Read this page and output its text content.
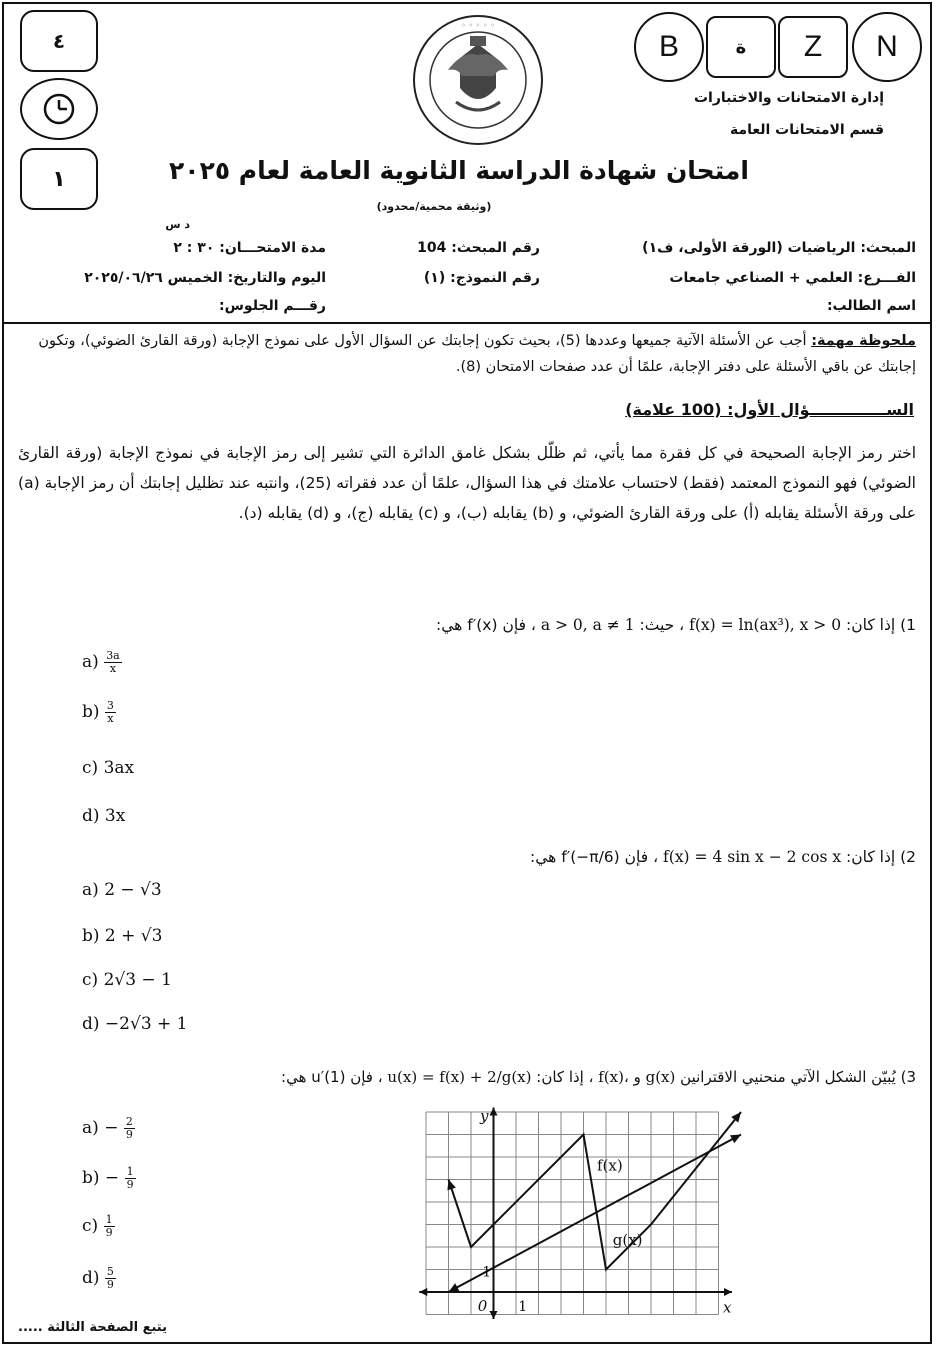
٤
١
◦ ◦ ◦ ◦ ◦
B	ة	Z	N
إدارة الامتحانات والاختبارات
قسم الامتحانات العامة
امتحان شهادة الدراسة الثانوية العامة لعام ٢٠٢٥
(وثيقة محمية/محدود)
المبحث: الرياضيات (الورقة الأولى، ف١)
رقم المبحث: 104
مدة الامتحـــان: ٣٠ : ٢
د س
الفـــرع: العلمي + الصناعي جامعات
رقم النموذج: (١)
اليوم والتاريخ: الخميس ٢٠٢٥/٠٦/٢٦
اسم الطالب:
رقـــم الجلوس:
ملحوظة مهمة: أجب عن الأسئلة الآتية جميعها وعددها (5)، بحيث تكون إجابتك عن السؤال الأول على نموذج الإجابة (ورقة القارئ الضوئي)، وتكون إجابتك عن باقي الأسئلة على دفتر الإجابة، علمًا أن عدد صفحات الامتحان (8).
الســــــــــــــؤال الأول: (100 علامة)
اختر رمز الإجابة الصحيحة في كل فقرة مما يأتي، ثم ظلّل بشكل غامق الدائرة التي تشير إلى رمز الإجابة في نموذج الإجابة (ورقة القارئ الضوئي) فهو النموذج المعتمد (فقط) لاحتساب علامتك في هذا السؤال، علمًا أن عدد فقراته (25)، وانتبه عند تظليل إجابتك أن رمز الإجابة (a) على ورقة الأسئلة يقابله (أ) على ورقة القارئ الضوئي، و (b) يقابله (ب)، و (c) يقابله (ج)، و (d) يقابله (د).
1) إذا كان: f(x) = ln(ax³), x > 0 ، حيث: a > 0, a ≠ 1 ، فإن f′(x) هي:
$a) \frac{3a}{x}$
$b) \frac{3}{x}$
c) 3ax
d) 3x
2) إذا كان: f(x) = 4 sin x − 2 cos x ، فإن f′(−π/6) هي:
a) 2 − √3
b) 2 + √3
c) 2√3 − 1
d) −2√3 + 1
3) يُبيّن الشكل الآتي منحنيي الاقترانين f(x)، و g(x) ، إذا كان: u(x) = f(x) + 2/g(x) ، فإن u′(1) هي:
$a) - \frac{2}{9}$
$b) - \frac{1}{9}$
$c) \frac{1}{9}$
$d) \frac{5}{9}$
f(x)
g(x)
x
y
0 1
1
يتبع الصفحة الثالثة .....
